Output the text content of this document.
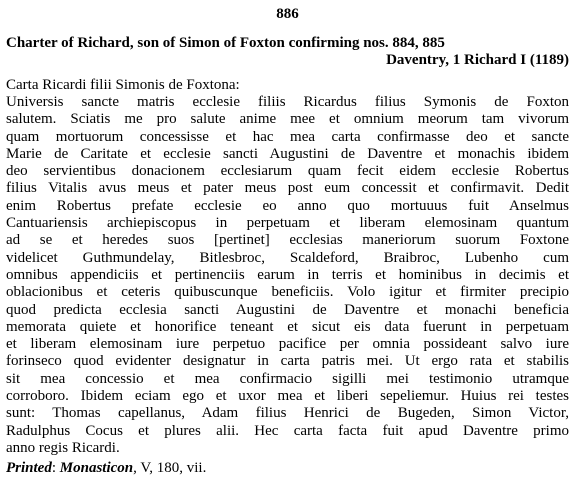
886
Charter of Richard, son of Simon of Foxton confirming nos. 884, 885
Daventry, 1 Richard I (1189)
Carta Ricardi filii Simonis de Foxtona:
Universis sancte matris ecclesie filiis Ricardus filius Symonis de Foxton
salutem. Sciatis me pro salute anime mee et omnium meorum tam vivorum
quam mortuorum concessisse et hac mea carta confirmasse deo et sancte
Marie de Caritate et ecclesie sancti Augustini de Daventre et monachis ibidem
deo servientibus donacionem ecclesiarum quam fecit eidem ecclesie Robertus
filius Vitalis avus meus et pater meus post eum concessit et confirmavit. Dedit
enim Robertus prefate ecclesie eo anno quo mortuuus fuit Anselmus
Cantuariensis archiepiscopus in perpetuam et liberam elemosinam quantum
ad se et heredes suos [pertinet] ecclesias maneriorum suorum Foxtone
videlicet Guthmundelay, Bitlesbroc, Scaldeford, Braibroc, Lubenho cum
omnibus appendiciis et pertinenciis earum in terris et hominibus in decimis et
oblacionibus et ceteris quibuscunque beneficiis. Volo igitur et firmiter precipio
quod predicta ecclesia sancti Augustini de Daventre et monachi beneficia
memorata quiete et honorifice teneant et sicut eis data fuerunt in perpetuam
et liberam elemosinam iure perpetuo pacifice per omnia possideant salvo iure
forinseco quod evidenter designatur in carta patris mei. Ut ergo rata et stabilis
sit mea concessio et mea confirmacio sigilli mei testimonio utramque
corroboro. Ibidem eciam ego et uxor mea et liberi sepeliemur. Huius rei testes
sunt: Thomas capellanus, Adam filius Henrici de Bugeden, Simon Victor,
Radulphus Cocus et plures alii. Hec carta facta fuit apud Daventre primo
anno regis Ricardi.
Printed: Monasticon, V, 180, vii.
